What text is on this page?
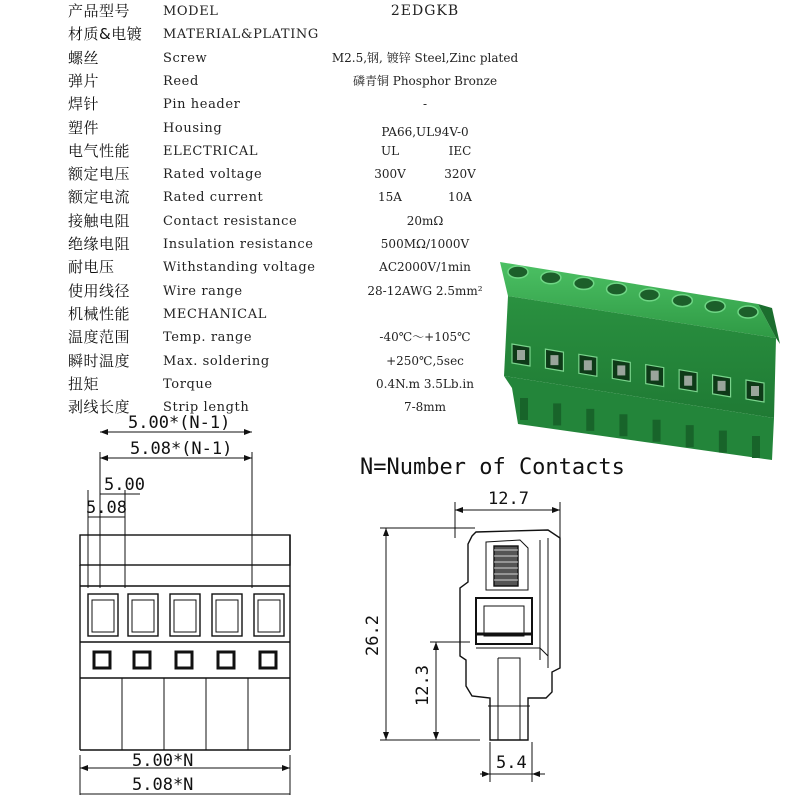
产品型号	MODEL	2EDGKB
材质&电镀 MATERIAL&PLATING
螺丝	Screw	M2.5,钢, 镀锌 Steel,Zinc plated
弹片	Reed	磷青铜 Phosphor Bronze
焊针	Pin header	-
塑件	Housing	PA66,UL94V-0
电气性能	ELECTRICAL	UL	IEC
额定电压	Rated voltage	300V	320V
额定电流	Rated current	15A	10A
接触电阻	Contact resistance	20mΩ
绝缘电阻	Insulation resistance	500MΩ/1000V
耐电压	Withstanding voltage	AC2000V/1min
使用线径	Wire range	28-12AWG 2.5mm²
机械性能	MECHANICAL
温度范围	Temp. range	-40℃～+105℃
瞬时温度	Max. soldering	+250℃,5sec
扭矩	Torque	0.4N.m 3.5Lb.in
剥线长度	Strip length	7-8mm
5.00*(N-1)
5.08*(N-1)
5.00
5.08
5.00*N
5.08*N
N=Number of Contacts
12.7
26.2
12.3
5.4
